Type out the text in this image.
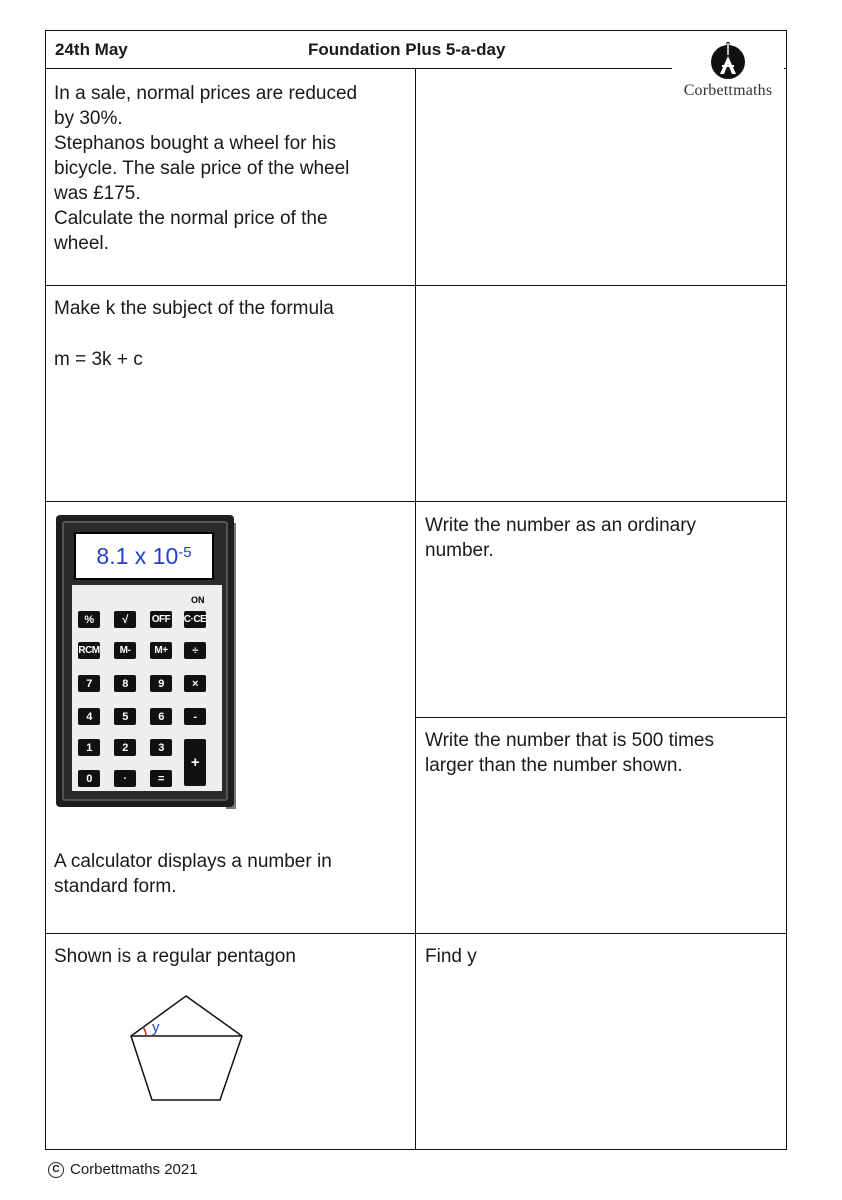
24th May	Foundation Plus 5-a-day
Corbettmaths

In a sale, normal prices are reduced

by 30%.

Stephanos bought a wheel for his

bicycle. The sale price of the wheel

was £175.

Calculate the normal price of the

wheel.

Make k the subject of the formula

m = 3k + c

8.1 x $10^{-5}$
ON
%	√	OFF C·CE
RCM	M-	M+	÷
7	8	9	×
4	5	6	-
1	2	3
+
0	·	=

A calculator displays a number in

standard form.

Write the number as an ordinary

number.

Write the number that is 500 times

larger than the number shown.

Shown is a regular pentagon

y

Find y

C Corbettmaths 2021
